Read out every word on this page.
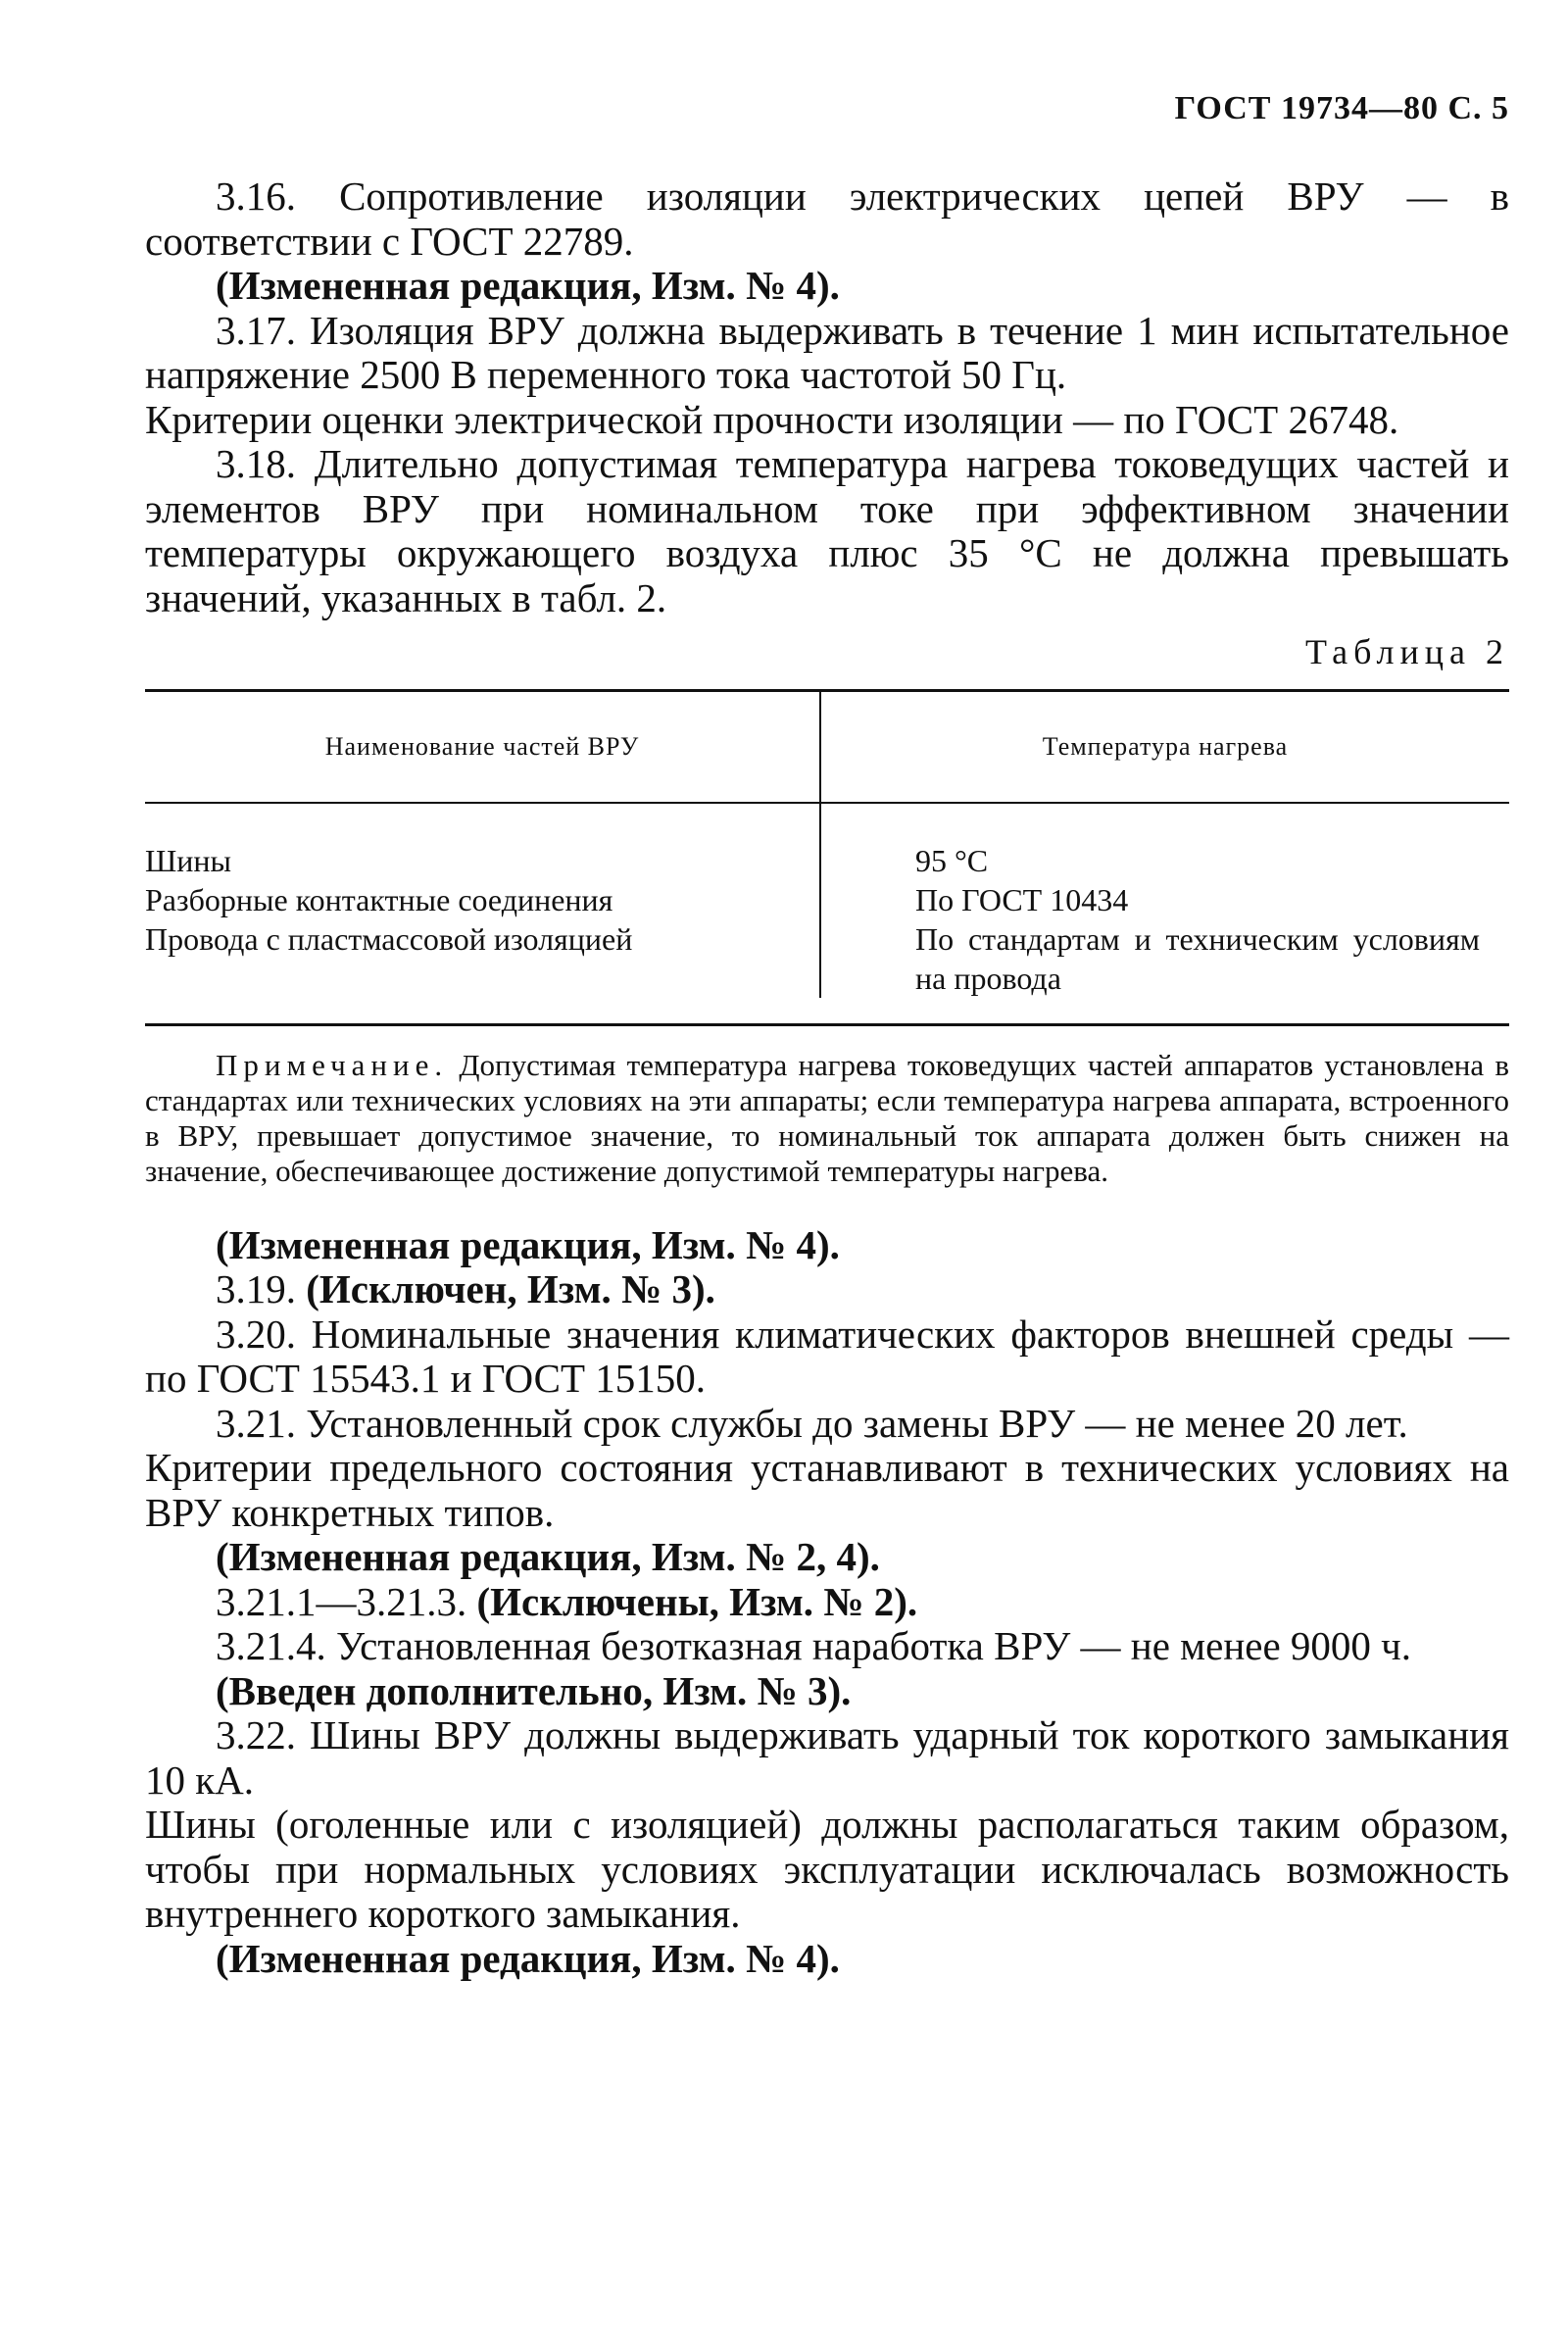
ГОСТ 19734—80 С. 5

3.16. Сопротивление изоляции электрических цепей ВРУ — в соответствии с ГОСТ 22789.

(Измененная редакция, Изм. № 4).

3.17. Изоляция ВРУ должна выдерживать в течение 1 мин испытательное напряжение 2500 В переменного тока частотой 50 Гц.

Критерии оценки электрической прочности изоляции — по ГОСТ 26748.

3.18. Длительно допустимая температура нагрева токоведущих частей и элементов ВРУ при номинальном токе при эффективном значении температуры окружающего воздуха плюс 35 °С не должна превышать значений, указанных в табл. 2.

Таблица 2
Наименование частей ВРУ	Температура нагрева
Шины
Разборные контактные соединения
Провода с пластмассовой изоляцией
95 °С
По ГОСТ 10434
По стандартам и техническим условиям на провода

Примечание. Допустимая температура нагрева токоведущих частей аппаратов установлена в стандартах или технических условиях на эти аппараты; если температура нагрева аппарата, встроенного в ВРУ, превышает допустимое значение, то номинальный ток аппарата должен быть снижен на значение, обеспечивающее достижение допустимой температуры нагрева.

(Измененная редакция, Изм. № 4).

3.19. (Исключен, Изм. № 3).

3.20. Номинальные значения климатических факторов внешней среды — по ГОСТ 15543.1 и ГОСТ 15150.

3.21. Установленный срок службы до замены ВРУ — не менее 20 лет.

Критерии предельного состояния устанавливают в технических условиях на ВРУ конкретных типов.

(Измененная редакция, Изм. № 2, 4).

3.21.1—3.21.3. (Исключены, Изм. № 2).

3.21.4. Установленная безотказная наработка ВРУ — не менее 9000 ч.

(Введен дополнительно, Изм. № 3).

3.22. Шины ВРУ должны выдерживать ударный ток короткого замыкания 10 кА.

Шины (оголенные или с изоляцией) должны располагаться таким образом, чтобы при нормальных условиях эксплуатации исключалась возможность внутреннего короткого замыкания.

(Измененная редакция, Изм. № 4).
